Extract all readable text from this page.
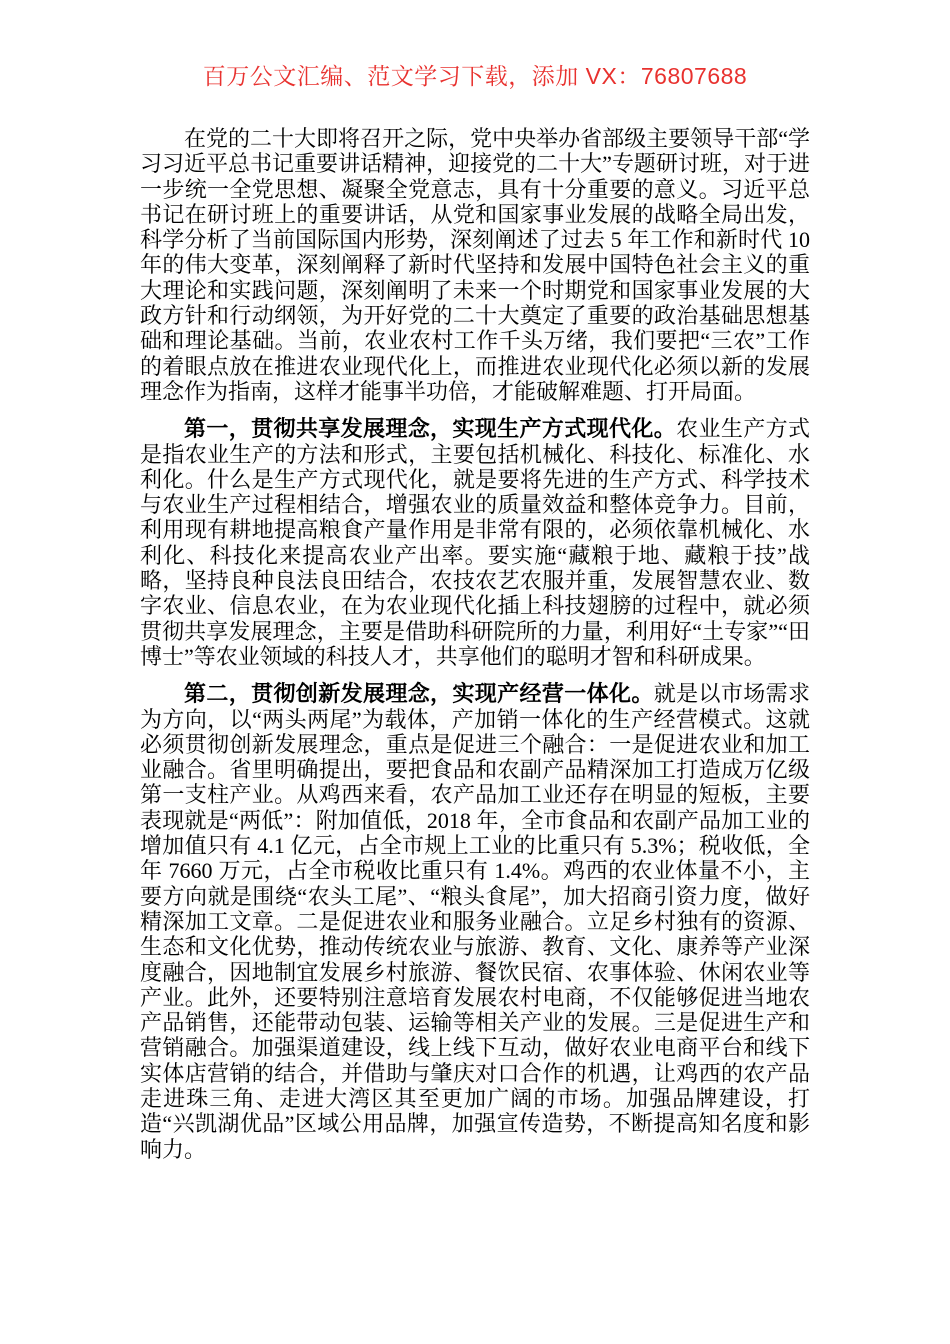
百万公文汇编、范文学习下载，添加 VX：76807688

在党的二十大即将召开之际，党中央举办省部级主要领导干部“学习习近平总书记重要讲话精神，迎接党的二十大”专题研讨班，对于进一步统一全党思想、凝聚全党意志，具有十分重要的意义。习近平总书记在研讨班上的重要讲话，从党和国家事业发展的战略全局出发，科学分析了当前国际国内形势，深刻阐述了过去 5 年工作和新时代 10 年的伟大变革，深刻阐释了新时代坚持和发展中国特色社会主义的重大理论和实践问题，深刻阐明了未来一个时期党和国家事业发展的大政方针和行动纲领，为开好党的二十大奠定了重要的政治基础思想基础和理论基础。当前，农业农村工作千头万绪，我们要把“三农”工作的着眼点放在推进农业现代化上，而推进农业现代化必须以新的发展理念作为指南，这样才能事半功倍，才能破解难题、打开局面。

第一，贯彻共享发展理念，实现生产方式现代化。农业生产方式是指农业生产的方法和形式，主要包括机械化、科技化、标准化、水利化。什么是生产方式现代化，就是要将先进的生产方式、科学技术与农业生产过程相结合，增强农业的质量效益和整体竞争力。目前，利用现有耕地提高粮食产量作用是非常有限的，必须依靠机械化、水利化、科技化来提高农业产出率。要实施“藏粮于地、藏粮于技”战略，坚持良种良法良田结合，农技农艺农服并重，发展智慧农业、数字农业、信息农业，在为农业现代化插上科技翅膀的过程中，就必须贯彻共享发展理念，主要是借助科研院所的力量，利用好“土专家”“田博士”等农业领域的科技人才，共享他们的聪明才智和科研成果。

第二，贯彻创新发展理念，实现产经营一体化。就是以市场需求为方向，以“两头两尾”为载体，产加销一体化的生产经营模式。这就必须贯彻创新发展理念，重点是促进三个融合：一是促进农业和加工业融合。省里明确提出，要把食品和农副产品精深加工打造成万亿级第一支柱产业。从鸡西来看，农产品加工业还存在明显的短板，主要表现就是“两低”：附加值低，2018 年，全市食品和农副产品加工业的增加值只有 4.1 亿元，占全市规上工业的比重只有 5.3%；税收低，全年 7660 万元，占全市税收比重只有 1.4%。鸡西的农业体量不小，主要方向就是围绕“农头工尾”、“粮头食尾”，加大招商引资力度，做好精深加工文章。二是促进农业和服务业融合。立足乡村独有的资源、生态和文化优势，推动传统农业与旅游、教育、文化、康养等产业深度融合，因地制宜发展乡村旅游、餐饮民宿、农事体验、休闲农业等产业。此外，还要特别注意培育发展农村电商，不仅能够促进当地农产品销售，还能带动包装、运输等相关产业的发展。三是促进生产和营销融合。加强渠道建设，线上线下互动，做好农业电商平台和线下实体店营销的结合，并借助与肇庆对口合作的机遇，让鸡西的农产品走进珠三角、走进大湾区其至更加广阔的市场。加强品牌建设，打造“兴凯湖优品”区域公用品牌，加强宣传造势，不断提高知名度和影响力。
